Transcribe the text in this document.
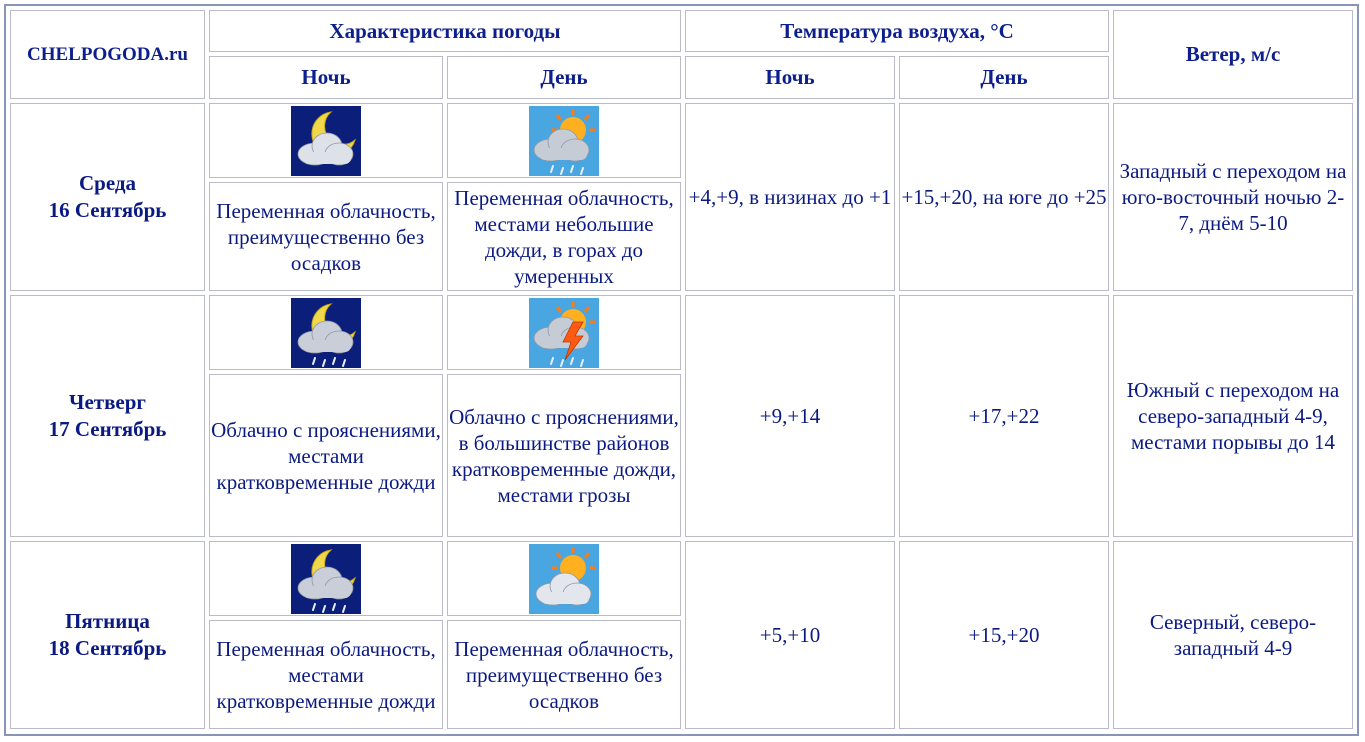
CHELPOGODA.ru	Характеристика погоды		Температура воздуха, °C		Ветер, м/с
	Ночь	День	Ночь	День	
Среда
16 Сентябрь			+4,+9, в низинах до +1	+15,+20, на юге до +25	Западный с переходом на юго-восточный ночью 2-7, днём 5-10
	Переменная облачность, преимущественно без осадков	Переменная облачность, местами небольшие дожди, в горах до умеренных			
Четверг
17 Сентябрь			+9,+14	+17,+22	Южный с переходом на северо-западный 4-9, местами порывы до 14
	Облачно с прояснениями, местами кратковременные дожди	Облачно с прояснениями, в большинстве районов кратковременные дожди, местами грозы			
Пятница
18 Сентябрь			+5,+10	+15,+20	Северный, северо-западный 4-9
	Переменная облачность, местами кратковременные дожди	Переменная облачность, преимущественно без осадков			
